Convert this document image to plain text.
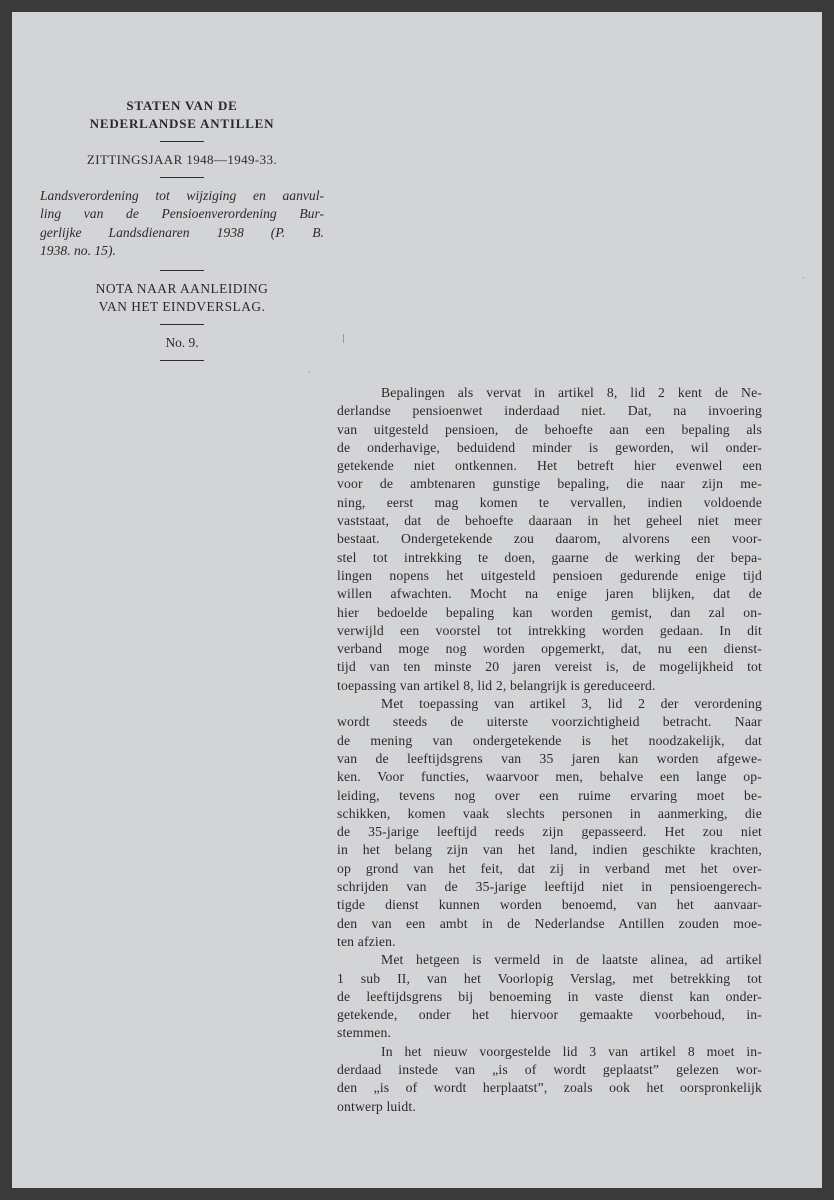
STATEN VAN DE
NEDERLANDSE ANTILLEN
ZITTINGSJAAR 1948—1949-33.
Landsverordening tot wijziging en aanvul-
ling van de Pensioenverordening Bur-
gerlijke Landsdienaren 1938 (P. B.
1938. no. 15).
NOTA NAAR AANLEIDING
VAN HET EINDVERSLAG.
No. 9.	|
·
·

Bepalingen als vervat in artikel 8, lid 2 kent de Ne-
derlandse pensioenwet inderdaad niet. Dat, na invoering
van uitgesteld pensioen, de behoefte aan een bepaling als
de onderhavige, beduidend minder is geworden, wil onder-
getekende niet ontkennen. Het betreft hier evenwel een
voor de ambtenaren gunstige bepaling, die naar zijn me-
ning, eerst mag komen te vervallen, indien voldoende
vaststaat, dat de behoefte daaraan in het geheel niet meer
bestaat. Ondergetekende zou daarom, alvorens een voor-
stel tot intrekking te doen, gaarne de werking der bepa-
lingen nopens het uitgesteld pensioen gedurende enige tijd
willen afwachten. Mocht na enige jaren blijken, dat de
hier bedoelde bepaling kan worden gemist, dan zal on-
verwijld een voorstel tot intrekking worden gedaan. In dit
verband moge nog worden opgemerkt, dat, nu een dienst-
tijd van ten minste 20 jaren vereist is, de mogelijkheid tot
toepassing van artikel 8, lid 2, belangrijk is gereduceerd.

Met toepassing van artikel 3, lid 2 der verordening
wordt steeds de uiterste voorzichtigheid betracht. Naar
de mening van ondergetekende is het noodzakelijk, dat
van de leeftijdsgrens van 35 jaren kan worden afgewe-
ken. Voor functies, waarvoor men, behalve een lange op-
leiding, tevens nog over een ruime ervaring moet be-
schikken, komen vaak slechts personen in aanmerking, die
de 35-jarige leeftijd reeds zijn gepasseerd. Het zou niet
in het belang zijn van het land, indien geschikte krachten,
op grond van het feit, dat zij in verband met het over-
schrijden van de 35-jarige leeftijd niet in pensioengerech-
tigde dienst kunnen worden benoemd, van het aanvaar-
den van een ambt in de Nederlandse Antillen zouden moe-
ten afzien.

Met hetgeen is vermeld in de laatste alinea, ad artikel
1 sub II, van het Voorlopig Verslag, met betrekking tot
de leeftijdsgrens bij benoeming in vaste dienst kan onder-
getekende, onder het hiervoor gemaakte voorbehoud, in-
stemmen.

In het nieuw voorgestelde lid 3 van artikel 8 moet in-
derdaad instede van „is of wordt geplaatst” gelezen wor-
den „is of wordt herplaatst”, zoals ook het oorspronkelijk
ontwerp luidt.
